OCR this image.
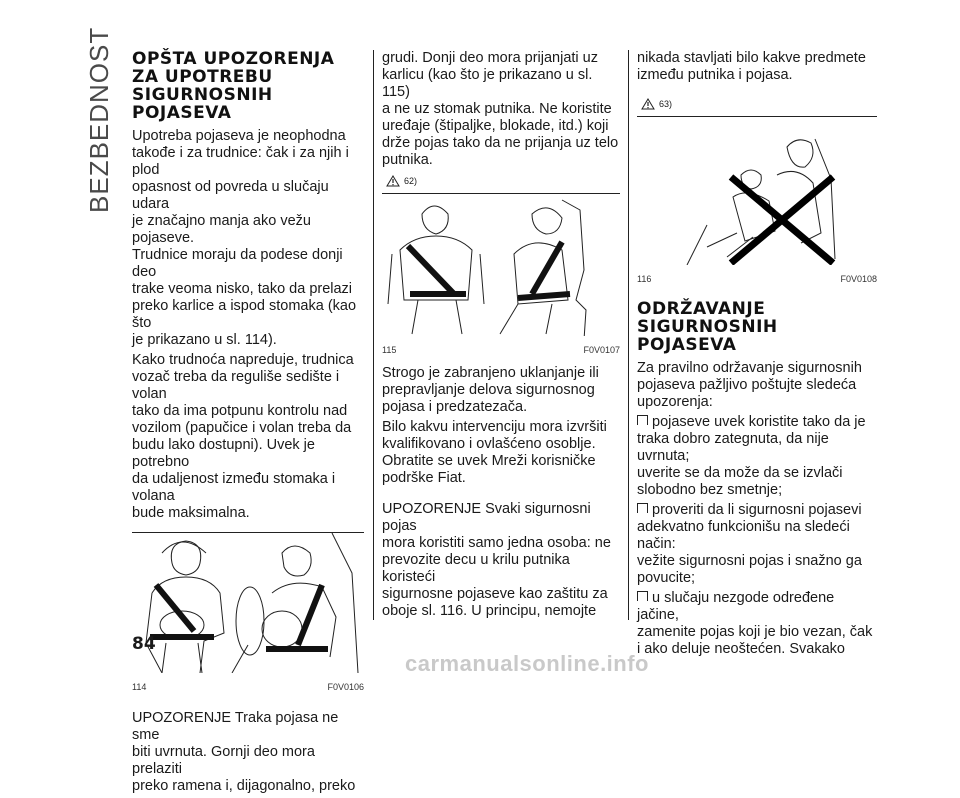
BEZBEDNOST OPŠTA UPOZORENJA
ZA UPOTREBU
SIGURNOSNIH
POJASEVA

Upotreba pojaseva je neophodna
takođe i za trudnice: čak i za njih i plod
opasnost od povreda u slučaju udara
je značajno manja ako vežu pojaseve.
Trudnice moraju da podese donji deo
trake veoma nisko, tako da prelazi
preko karlice a ispod stomaka (kao što
je prikazano u sl. 114).

Kako trudnoća napreduje, trudnica
vozač treba da reguliše sedište i volan
tako da ima potpunu kontrolu nad
vozilom (papučice i volan treba da
budu lako dostupni). Uvek je potrebno
da udaljenost između stomaka i volana
bude maksimalna.

114	F0V0106

UPOZORENJE Traka pojasa ne sme
biti uvrnuta. Gornji deo mora prelaziti
preko ramena i, dijagonalno, preko

grudi. Donji deo mora prijanjati uz
karlicu (kao što je prikazano u sl. 115)
a ne uz stomak putnika. Ne koristite
uređaje (štipaljke, blokade, itd.) koji
drže pojas tako da ne prijanja uz telo
putnika.

62)
115	F0V0107

Strogo je zabranjeno uklanjanje ili
prepravljanje delova sigurnosnog
pojasa i predzatezača.

Bilo kakvu intervenciju mora izvršiti
kvalifikovano i ovlašćeno osoblje.
Obratite se uvek Mreži korisničke
podrške Fiat.

UPOZORENJE Svaki sigurnosni pojas
mora koristiti samo jedna osoba: ne
prevozite decu u krilu putnika koristeći
sigurnosne pojaseve kao zaštitu za
oboje sl. 116. U principu, nemojte

nikada stavljati bilo kakve predmete
između putnika i pojasa.

63)
116	F0V0108
ODRŽAVANJE
SIGURNOSNIH
POJASEVA

Za pravilno održavanje sigurnosnih
pojaseva pažljivo poštujte sledeća
upozorenja:

pojaseve uvek koristite tako da je
traka dobro zategnuta, da nije uvrnuta;
uverite se da može da se izvlači
slobodno bez smetnje;

proveriti da li sigurnosni pojasevi
adekvatno funkcionišu na sledeći način:
vežite sigurnosni pojas i snažno ga
povucite;

u slučaju nezgode određene jačine,
zamenite pojas koji je bio vezan, čak
i ako deluje neoštećen. Svakako

84
carmanualsonline.info
